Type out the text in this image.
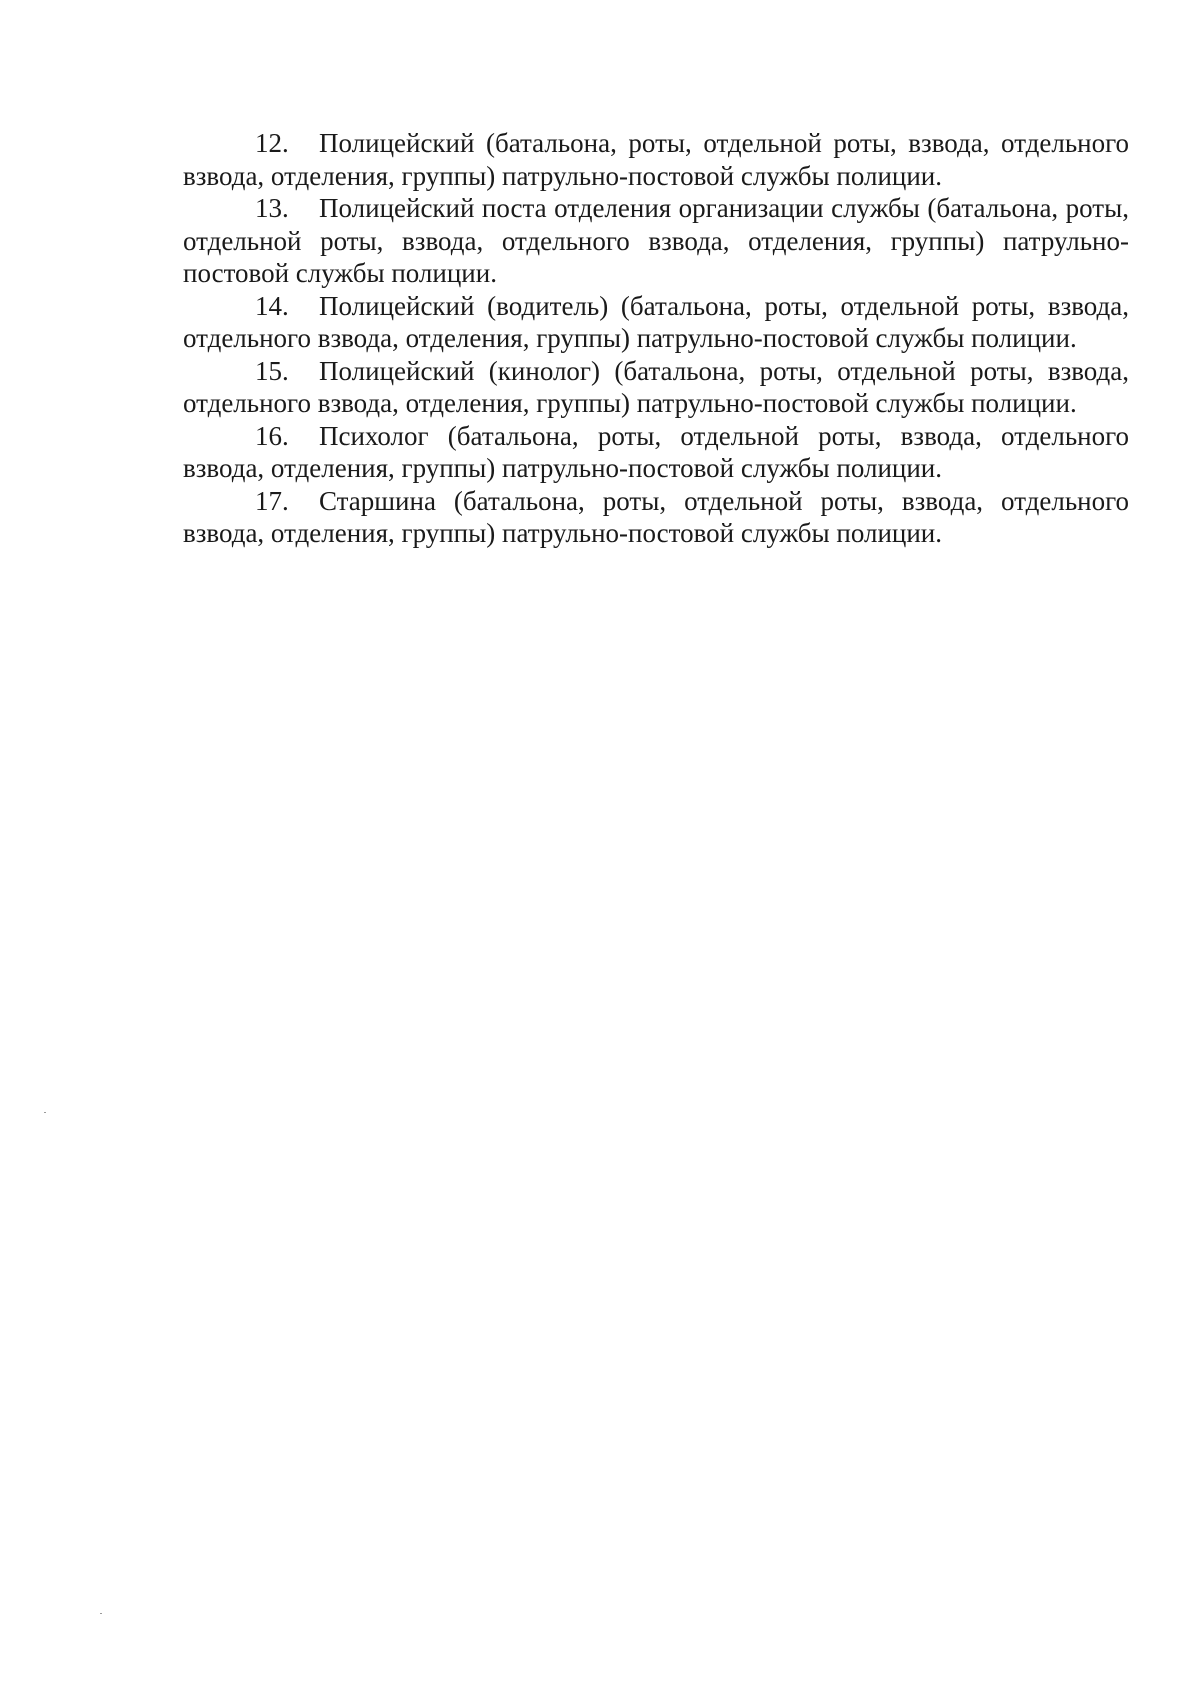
12. Полицейский (батальона, роты, отдельной роты, взвода, отдельного взвода, отделения, группы) патрульно-постовой службы полиции.

13. Полицейский поста отделения организации службы (батальона, роты, отдельной роты, взвода, отдельного взвода, отделения, группы) патрульно-постовой службы полиции.

14. Полицейский (водитель) (батальона, роты, отдельной роты, взвода, отдельного взвода, отделения, группы) патрульно-постовой службы полиции.

15. Полицейский (кинолог) (батальона, роты, отдельной роты, взвода, отдельного взвода, отделения, группы) патрульно-постовой службы полиции.

16. Психолог (батальона, роты, отдельной роты, взвода, отдельного взвода, отделения, группы) патрульно-постовой службы полиции.

17. Старшина (батальона, роты, отдельной роты, взвода, отдельного взвода, отделения, группы) патрульно-постовой службы полиции.
